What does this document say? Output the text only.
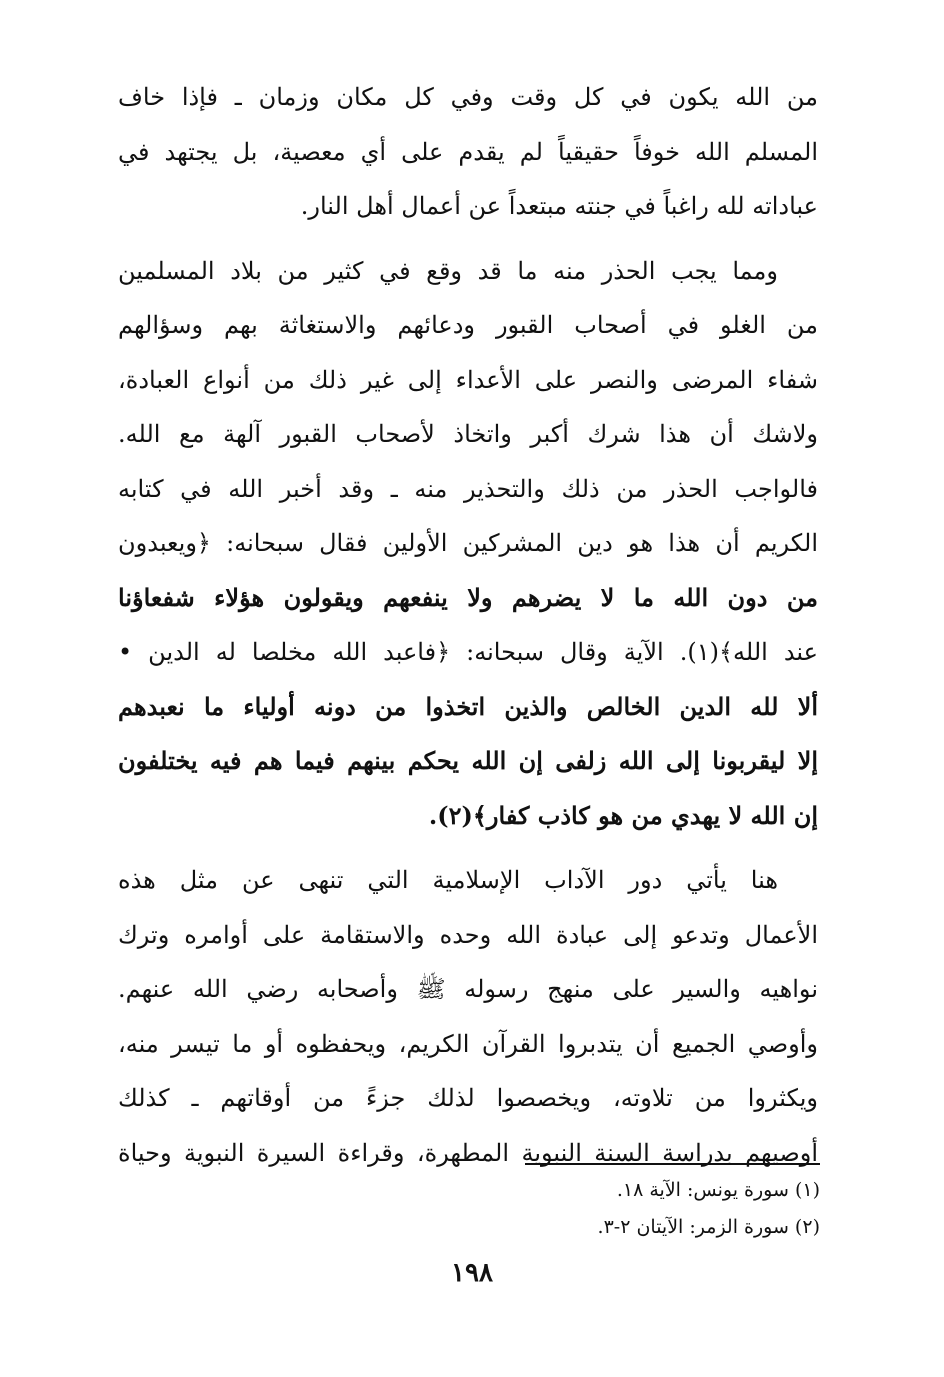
من الله يكون في كل وقت وفي كل مكان وزمان ـ فإذا خاف
المسلم الله خوفاً حقيقياً لم يقدم على أي معصية، بل يجتهد في
عباداته لله راغباً في جنته مبتعداً عن أعمال أهل النار.
ومما يجب الحذر منه ما قد وقع في كثير من بلاد المسلمين
من الغلو في أصحاب القبور ودعائهم والاستغاثة بهم وسؤالهم
شفاء المرضى والنصر على الأعداء إلى غير ذلك من أنواع العبادة،
ولاشك أن هذا شرك أكبر واتخاذ لأصحاب القبور آلهة مع الله.
فالواجب الحذر من ذلك والتحذير منه ـ وقد أخبر الله في كتابه
الكريم أن هذا هو دين المشركين الأولين فقال سبحانه: ﴿ويعبدون
من دون الله ما لا يضرهم ولا ينفعهم ويقولون هؤلاء شفعاؤنا
عند الله﴾(١). الآية وقال سبحانه: ﴿فاعبد الله مخلصا له الدين •
ألا لله الدين الخالص والذين اتخذوا من دونه أولياء ما نعبدهم
إلا ليقربونا إلى الله زلفى إن الله يحكم بينهم فيما هم فيه يختلفون
إن الله لا يهدي من هو كاذب كفار﴾(٢).
هنا يأتي دور الآداب الإسلامية التي تنهى عن مثل هذه
الأعمال وتدعو إلى عبادة الله وحده والاستقامة على أوامره وترك
نواهيه والسير على منهج رسوله ﷺ وأصحابه رضي الله عنهم.
وأوصي الجميع أن يتدبروا القرآن الكريم، ويحفظوه أو ما تيسر منه،
ويكثروا من تلاوته، ويخصصوا لذلك جزءً من أوقاتهم ـ كذلك
أوصيهم بدراسة السنة النبوية المطهرة، وقراءة السيرة النبوية وحياة
(١) سورة يونس: الآية ١٨.
(٢) سورة الزمر: الآيتان ٢-٣.
١٩٨
